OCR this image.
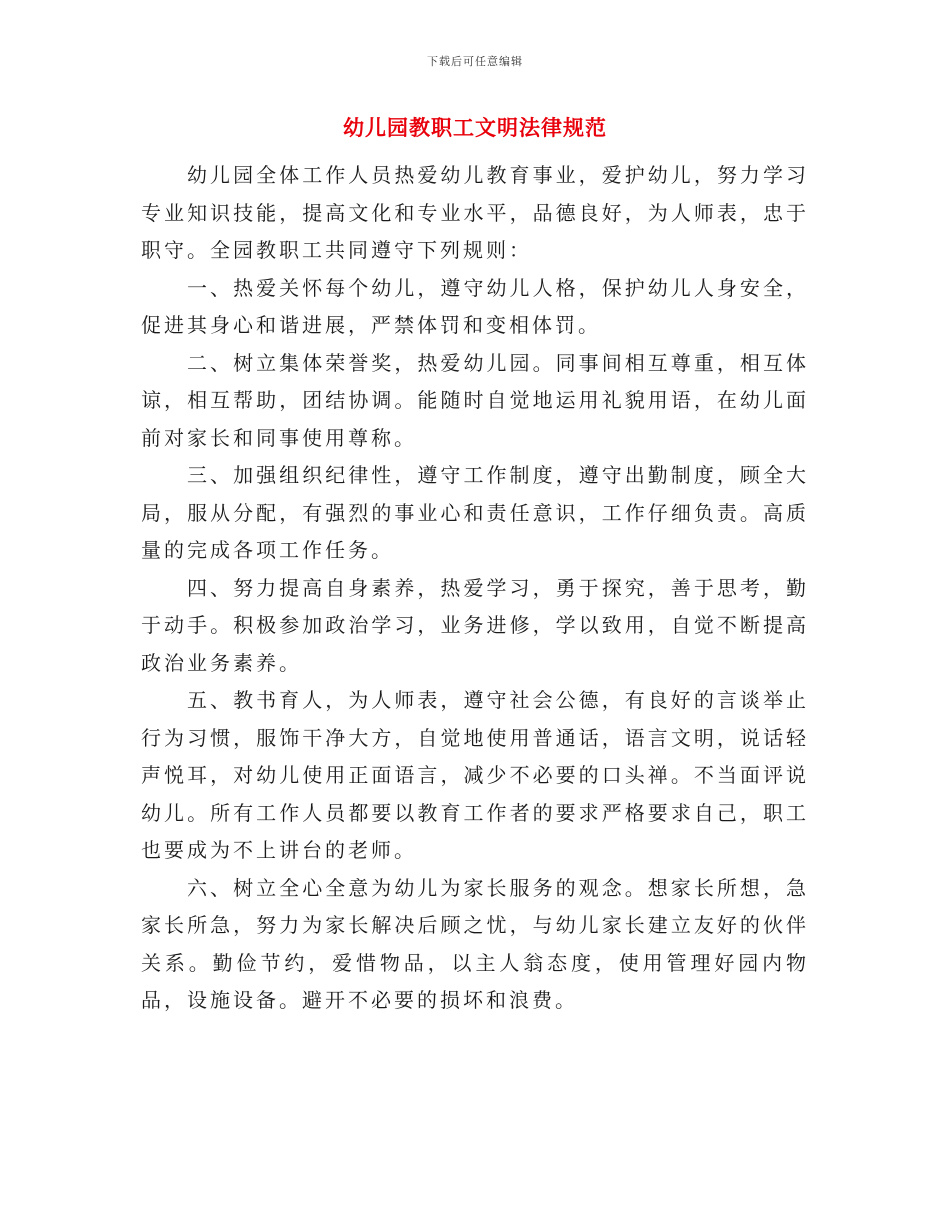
下载后可任意编辑
幼儿园教职工文明法律规范

幼儿园全体工作人员热爱幼儿教育事业，爱护幼儿，努力学习专业知识技能，提高文化和专业水平，品德良好，为人师表，忠于职守。全园教职工共同遵守下列规则：

一、热爱关怀每个幼儿，遵守幼儿人格，保护幼儿人身安全，促进其身心和谐进展，严禁体罚和变相体罚。

二、树立集体荣誉奖，热爱幼儿园。同事间相互尊重，相互体谅，相互帮助，团结协调。能随时自觉地运用礼貌用语，在幼儿面前对家长和同事使用尊称。

三、加强组织纪律性，遵守工作制度，遵守出勤制度，顾全大局，服从分配，有强烈的事业心和责任意识，工作仔细负责。高质量的完成各项工作任务。

四、努力提高自身素养，热爱学习，勇于探究，善于思考，勤于动手。积极参加政治学习，业务进修，学以致用，自觉不断提高政治业务素养。

五、教书育人，为人师表，遵守社会公德，有良好的言谈举止行为习惯，服饰干净大方，自觉地使用普通话，语言文明，说话轻声悦耳，对幼儿使用正面语言，减少不必要的口头禅。不当面评说幼儿。所有工作人员都要以教育工作者的要求严格要求自己，职工也要成为不上讲台的老师。

六、树立全心全意为幼儿为家长服务的观念。想家长所想，急家长所急，努力为家长解决后顾之忧，与幼儿家长建立友好的伙伴关系。勤俭节约，爱惜物品，以主人翁态度，使用管理好园内物品，设施设备。避开不必要的损坏和浪费。
